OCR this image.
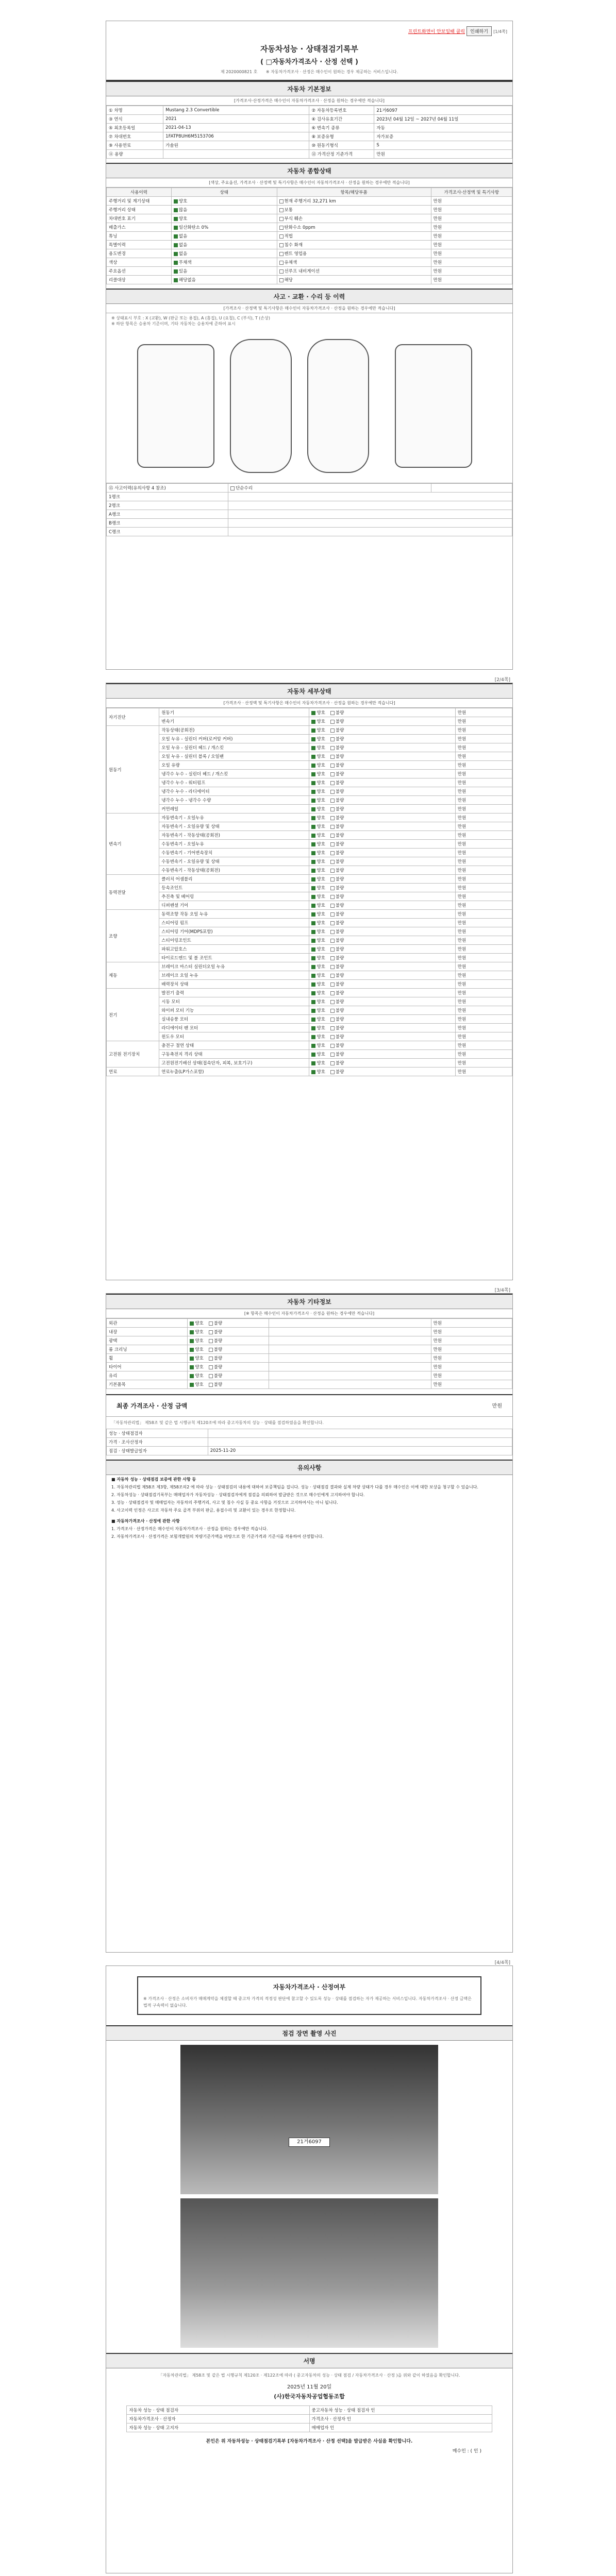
프린트화면이 안보일때 클릭 인쇄하기 [1/4쪽]
자동차성능 · 상태점검기록부
( □자동차가격조사 · 산정 선택 )
제 2020000821 호 ※ 자동차가격조사 · 산정은 매수인이 원하는 경우 제공하는 서비스입니다.
자동차 기본정보
[가격조사·산정가격은 매수인이 자동차가격조사 · 산정을 원하는 경우에만 적습니다]
① 차명	Mustang 2.3 Convertible	② 자동차등록번호	21거6097
③ 연식	2021	④ 검사유효기간	2023년 04월 12일 ~ 2027년 04월 11일
⑤ 최초등록일	2021-04-13	⑥ 변속기 종류	자동
⑦ 차대번호	1FATP8UH6M5153706	⑧ 보증유형	자가보증
⑨ 사용연료	가솔린	⑩ 원동기형식	S
⑪ 용량		⑫ 가격산정 기준가격	만원
자동차 종합상태
[색상, 주요옵션, 가격조사 · 산정액 및 특기사항은 매수인이 자동차가격조사 · 산정을 원하는 경우에만 적습니다]
사용이력	상태	항목/해당부품	가격조사·산정액 및 특기사항
주행거리 및 계기상태	양호	현재 주행거리 32,271 km	만원
주행거리 상태	많음	보통	만원
차대번호 표기	양호	부식 훼손	만원
배출가스	일산화탄소 0%	탄화수소 0ppm	만원
튜닝	없음	적법	만원
특별이력	없음	침수 화재	만원
용도변경	없음	렌트 영업용	만원
색상	무채색	유채색	만원
주요옵션	있음	선루프 내비게이션	만원
리콜대상	해당없음	해당	만원
사고 · 교환 · 수리 등 이력
[가격조사 · 산정액 및 특기사항은 매수인이 자동차가격조사 · 산정을 원하는 경우에만 적습니다]
※ 상태표시 부호 : X (교환), W (판금 또는 용접), A (흠집), U (요철), C (부식), T (손상)
※ 하단 항목은 승용차 기준이며, 기타 자동차는 승용차에 준하여 표시
⑮ 사고이력(유의사항 4 참조)	단순수리	
1랭크		
2랭크		
A랭크		
B랭크		
C랭크		
[2/4쪽]
자동차 세부상태
[가격조사 · 산정액 및 특기사항은 매수인이 자동차가격조사 · 산정을 원하는 경우에만 적습니다]
자기진단	원동기	양호 불량	만원
	변속기	양호 불량	만원
원동기	작동상태(공회전)	양호 불량	만원
	오일 누유 - 실린더 커버(로커암 커버)	양호 불량	만원
	오일 누유 - 실린더 헤드 / 개스킷	양호 불량	만원
	오일 누유 - 실린더 블록 / 오일팬	양호 불량	만원
	오일 유량	양호 불량	만원
	냉각수 누수 - 실린더 헤드 / 개스킷	양호 불량	만원
	냉각수 누수 - 워터펌프	양호 불량	만원
	냉각수 누수 - 라디에이터	양호 불량	만원
	냉각수 누수 - 냉각수 수량	양호 불량	만원
	커먼레일	양호 불량	만원
변속기	자동변속기 - 오일누유	양호 불량	만원
	자동변속기 - 오일유량 및 상태	양호 불량	만원
	자동변속기 - 작동상태(공회전)	양호 불량	만원
	수동변속기 - 오일누유	양호 불량	만원
	수동변속기 - 기어변속장치	양호 불량	만원
	수동변속기 - 오일유량 및 상태	양호 불량	만원
	수동변속기 - 작동상태(공회전)	양호 불량	만원
동력전달	클러치 어셈블리	양호 불량	만원
	등속조인트	양호 불량	만원
	추진축 및 베어링	양호 불량	만원
	디퍼렌셜 기어	양호 불량	만원
조향	동력조향 작동 오일 누유	양호 불량	만원
	스티어링 펌프	양호 불량	만원
	스티어링 기어(MDPS포함)	양호 불량	만원
	스티어링조인트	양호 불량	만원
	파워고압호스	양호 불량	만원
	타이로드엔드 및 볼 조인트	양호 불량	만원
제동	브레이크 마스터 실린더오일 누유	양호 불량	만원
	브레이크 오일 누유	양호 불량	만원
	배력장치 상태	양호 불량	만원
전기	발전기 출력	양호 불량	만원
	시동 모터	양호 불량	만원
	와이퍼 모터 기능	양호 불량	만원
	실내송풍 모터	양호 불량	만원
	라디에이터 팬 모터	양호 불량	만원
	윈도우 모터	양호 불량	만원
고전원 전기장치	충전구 절연 상태	양호 불량	만원
	구동축전지 격리 상태	양호 불량	만원
	고전원전기배선 상태(접속단자, 피복, 보호기구)	양호 불량	만원
연료	연료누출(LP가스포함)	양호 불량	만원
[3/4쪽]
자동차 기타정보
[※ 항목은 매수인이 자동차가격조사 · 산정을 원하는 경우에만 적습니다]
외관	양호 불량		만원
내장	양호 불량		만원
광택	양호 불량		만원
룸 크리닝	양호 불량		만원
휠	양호 불량		만원
타이어	양호 불량		만원
유리	양호 불량		만원
기본품목	양호 불량		만원
최종 가격조사 · 산정 금액	만원
「자동차관리법」 제58조 및 같은 법 시행규칙 제120조에 따라 중고자동차의 성능 · 상태를 점검하였음을 확인합니다.
성능 · 상태점검자	
가격 · 조사산정자	
점검 · 상태발급일자	2025-11-20
유의사항

■ 자동차 성능 · 상태점검 보증에 관한 사항 등

1. 자동차관리법 제58조 제3항, 제58조의2 에 따라 성능 · 상태점검의 내용에 대하여 보증책임을 집니다. 성능 · 상태점검 결과와 실제 차량 상태가 다를 경우 매수인은 이에 대한 보상을 청구할 수 있습니다.

2. 자동차성능 · 상태점검기록부는 매매업자가 자동차성능 · 상태점검자에게 점검을 의뢰하여 발급받은 것으로 매수인에게 고지하여야 합니다.

3. 성능 · 상태점검자 및 매매업자는 자동차의 주행거리, 사고 및 침수 사실 등 중요 사항을 거짓으로 고지하여서는 아니 됩니다.

4. 사고이력 인정은 사고로 자동차 주요 골격 부위의 판금, 용접수리 및 교환이 있는 경우로 한정합니다.

■ 자동차가격조사 · 산정에 관한 사항

1. 가격조사 · 산정가격은 매수인이 자동차가격조사 · 산정을 원하는 경우에만 적습니다.

2. 자동차가격조사 · 산정가격은 보험개발원의 차량기준가액을 바탕으로 한 기준가격과 기준서를 적용하여 산정합니다.

[4/4쪽]
자동차가격조사 · 산정여부
※ 가격조사 · 산정은 소비자가 매매계약을 체결할 때 중고차 가격의 적정성 판단에 참고할 수 있도록 성능 · 상태를 점검하는 자가 제공하는 서비스입니다. 자동차가격조사 · 산정 금액은 법적 구속력이 없습니다.
점검 장면 촬영 사진
21거6097
서명
「자동차관리법」 제58조 및 같은 법 시행규칙 제120조 · 제122조에 따라 ( 중고자동차의 성능 · 상태 점검 / 자동차가격조사 · 산정 )을 위와 같이 하였음을 확인합니다.
2025년 11월 20일
(사)한국자동차공업협동조합
자동차 성능 · 상태 점검자	중고자동차 성능 · 상태 점검자 인
자동차가격조사 · 산정자	가격조사 · 산정자 인
자동차 성능 · 상태 고지자	매매업자 인
본인은 위 자동차성능 · 상태점검기록부 [자동차가격조사 · 산정 선택]을 발급받은 사실을 확인합니다.
매수인 : ( 인 )
